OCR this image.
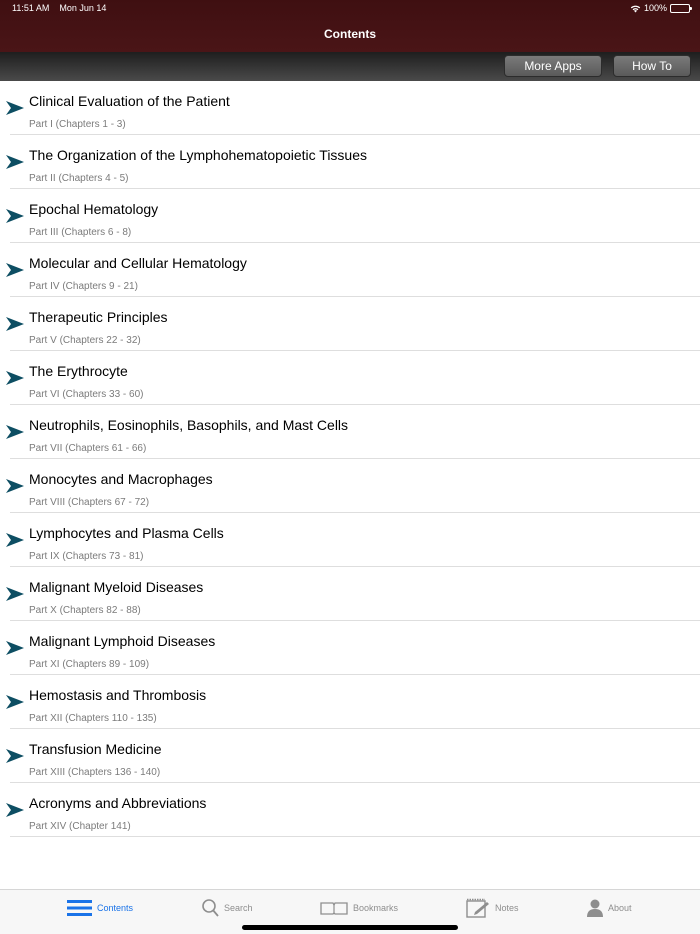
11:51 AM Mon Jun 14	100%
Contents
More Apps	How To
Clinical Evaluation of the Patient
Part I (Chapters 1 - 3)
The Organization of the Lymphohematopoietic Tissues
Part II (Chapters 4 - 5)
Epochal Hematology
Part III (Chapters 6 - 8)
Molecular and Cellular Hematology
Part IV (Chapters 9 - 21)
Therapeutic Principles
Part V (Chapters 22 - 32)
The Erythrocyte
Part VI (Chapters 33 - 60)
Neutrophils, Eosinophils, Basophils, and Mast Cells
Part VII (Chapters 61 - 66)
Monocytes and Macrophages
Part VIII (Chapters 67 - 72)
Lymphocytes and Plasma Cells
Part IX (Chapters 73 - 81)
Malignant Myeloid Diseases
Part X (Chapters 82 - 88)
Malignant Lymphoid Diseases
Part XI (Chapters 89 - 109)
Hemostasis and Thrombosis
Part XII (Chapters 110 - 135)
Transfusion Medicine
Part XIII (Chapters 136 - 140)
Acronyms and Abbreviations
Part XIV (Chapter 141)
Contents	Search	Bookmarks	Notes	About
